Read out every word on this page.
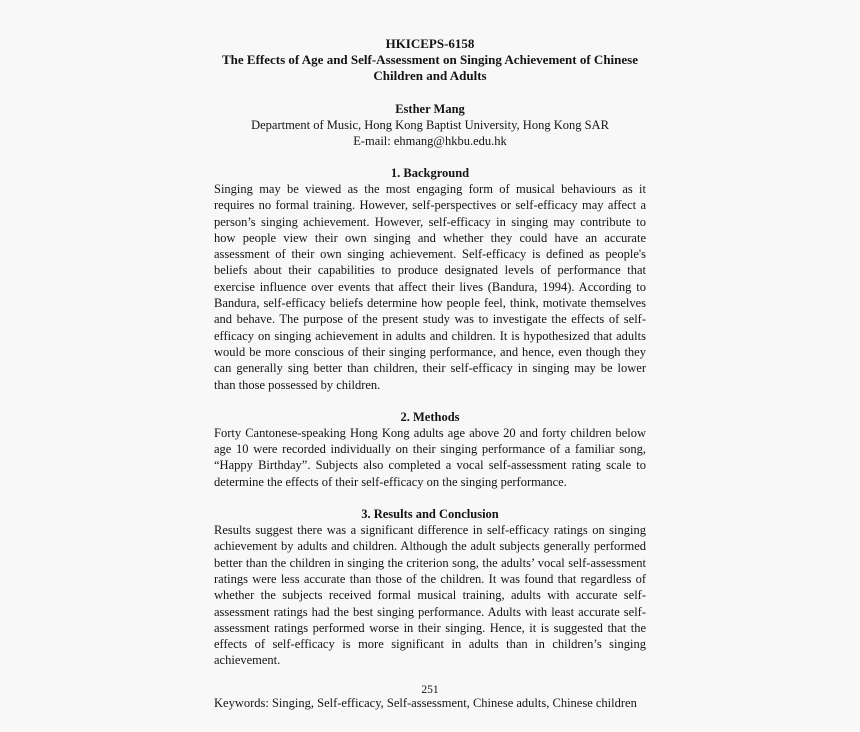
HKICEPS-6158

The Effects of Age and Self-Assessment on Singing Achievement of Chinese Children and Adults

Esther Mang

Department of Music, Hong Kong Baptist University, Hong Kong SAR

E-mail: ehmang@hkbu.edu.hk

1. Background

Singing may be viewed as the most engaging form of musical behaviours as it requires no formal training. However, self-perspectives or self-efficacy may affect a person’s singing achievement. However, self-efficacy in singing may contribute to how people view their own singing and whether they could have an accurate assessment of their own singing achievement. Self-efficacy is defined as people's beliefs about their capabilities to produce designated levels of performance that exercise influence over events that affect their lives (Bandura, 1994). According to Bandura, self-efficacy beliefs determine how people feel, think, motivate themselves and behave. The purpose of the present study was to investigate the effects of self-efficacy on singing achievement in adults and children. It is hypothesized that adults would be more conscious of their singing performance, and hence, even though they can generally sing better than children, their self-efficacy in singing may be lower than those possessed by children.

2. Methods

Forty Cantonese-speaking Hong Kong adults age above 20 and forty children below age 10 were recorded individually on their singing performance of a familiar song, “Happy Birthday”. Subjects also completed a vocal self-assessment rating scale to determine the effects of their self-efficacy on the singing performance.

3. Results and Conclusion

Results suggest there was a significant difference in self-efficacy ratings on singing achievement by adults and children. Although the adult subjects generally performed better than the children in singing the criterion song, the adults’ vocal self-assessment ratings were less accurate than those of the children. It was found that regardless of whether the subjects received formal musical training, adults with accurate self-assessment ratings had the best singing performance. Adults with least accurate self-assessment ratings performed worse in their singing. Hence, it is suggested that the effects of self-efficacy is more significant in adults than in children’s singing achievement.

Keywords: Singing, Self-efficacy, Self-assessment, Chinese adults, Chinese children

251
